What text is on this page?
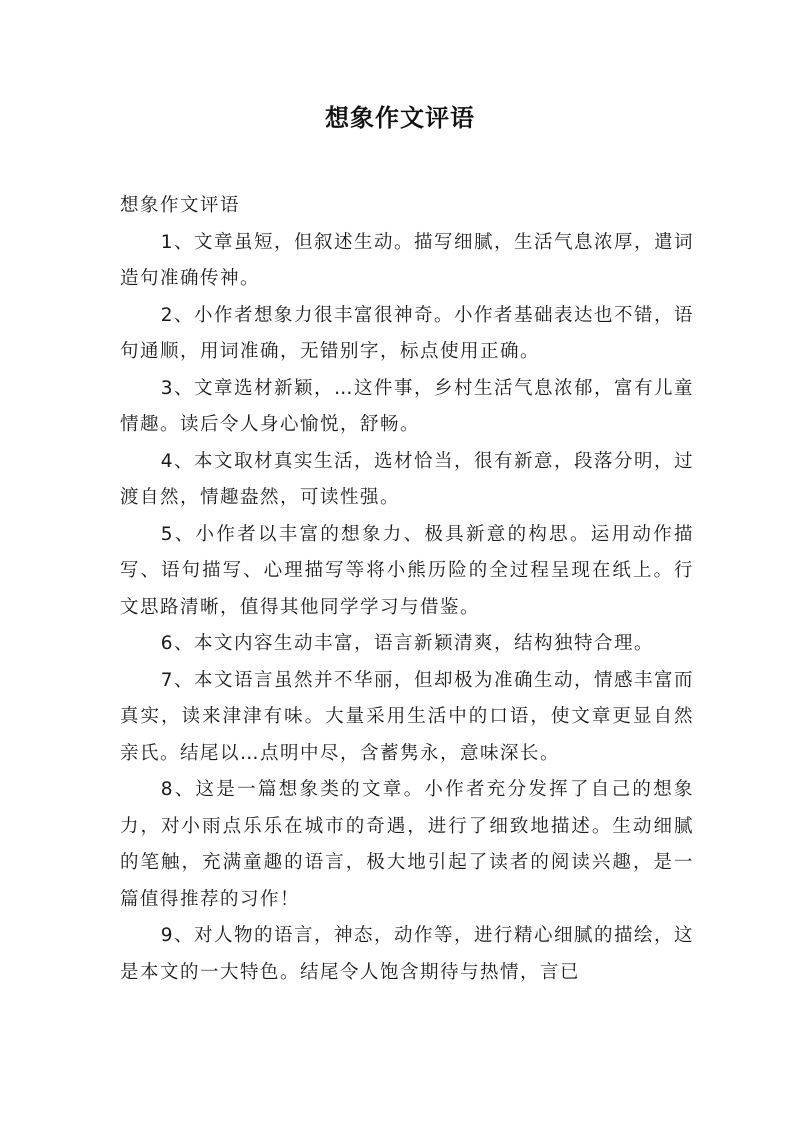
想象作文评语

想象作文评语

1、文章虽短，但叙述生动。描写细腻，生活气息浓厚，遣词造句准确传神。

2、小作者想象力很丰富很神奇。小作者基础表达也不错，语句通顺，用词准确，无错别字，标点使用正确。

3、文章选材新颖，…这件事，乡村生活气息浓郁，富有儿童情趣。读后令人身心愉悦，舒畅。

4、本文取材真实生活，选材恰当，很有新意，段落分明，过渡自然，情趣盎然，可读性强。

5、小作者以丰富的想象力、极具新意的构思。运用动作描写、语句描写、心理描写等将小熊历险的全过程呈现在纸上。行文思路清晰，值得其他同学学习与借鉴。

6、本文内容生动丰富，语言新颖清爽，结构独特合理。

7、本文语言虽然并不华丽，但却极为准确生动，情感丰富而真实，读来津津有味。大量采用生活中的口语，使文章更显自然亲氏。结尾以…点明中尽，含蓄隽永，意味深长。

8、这是一篇想象类的文章。小作者充分发挥了自己的想象力，对小雨点乐乐在城市的奇遇，进行了细致地描述。生动细腻的笔触，充满童趣的语言，极大地引起了读者的阅读兴趣，是一篇值得推荐的习作！

9、对人物的语言，神态，动作等，进行精心细腻的描绘，这是本文的一大特色。结尾令人饱含期待与热情，言已
